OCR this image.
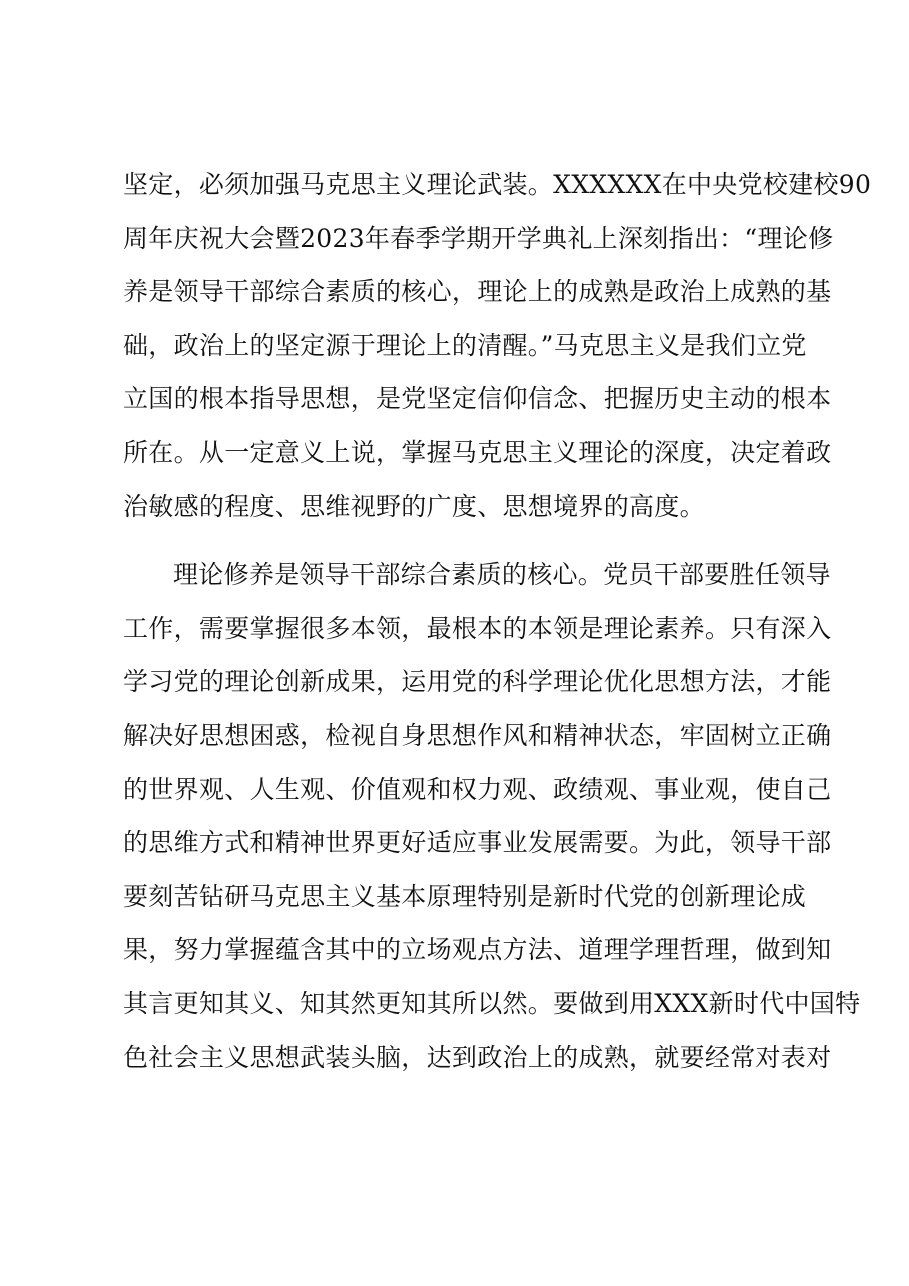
坚定，必须加强马克思主义理论武装。XXXXXX在中央党校建校90
周年庆祝大会暨2023年春季学期开学典礼上深刻指出：“理论修
养是领导干部综合素质的核心，理论上的成熟是政治上成熟的基
础，政治上的坚定源于理论上的清醒。”马克思主义是我们立党
立国的根本指导思想，是党坚定信仰信念、把握历史主动的根本
所在。从一定意义上说，掌握马克思主义理论的深度，决定着政
治敏感的程度、思维视野的广度、思想境界的高度。
理论修养是领导干部综合素质的核心。党员干部要胜任领导
工作，需要掌握很多本领，最根本的本领是理论素养。只有深入
学习党的理论创新成果，运用党的科学理论优化思想方法，才能
解决好思想困惑，检视自身思想作风和精神状态，牢固树立正确
的世界观、人生观、价值观和权力观、政绩观、事业观，使自己
的思维方式和精神世界更好适应事业发展需要。为此，领导干部
要刻苦钻研马克思主义基本原理特别是新时代党的创新理论成
果，努力掌握蕴含其中的立场观点方法、道理学理哲理，做到知
其言更知其义、知其然更知其所以然。要做到用XXX新时代中国特
色社会主义思想武装头脑，达到政治上的成熟，就要经常对表对
